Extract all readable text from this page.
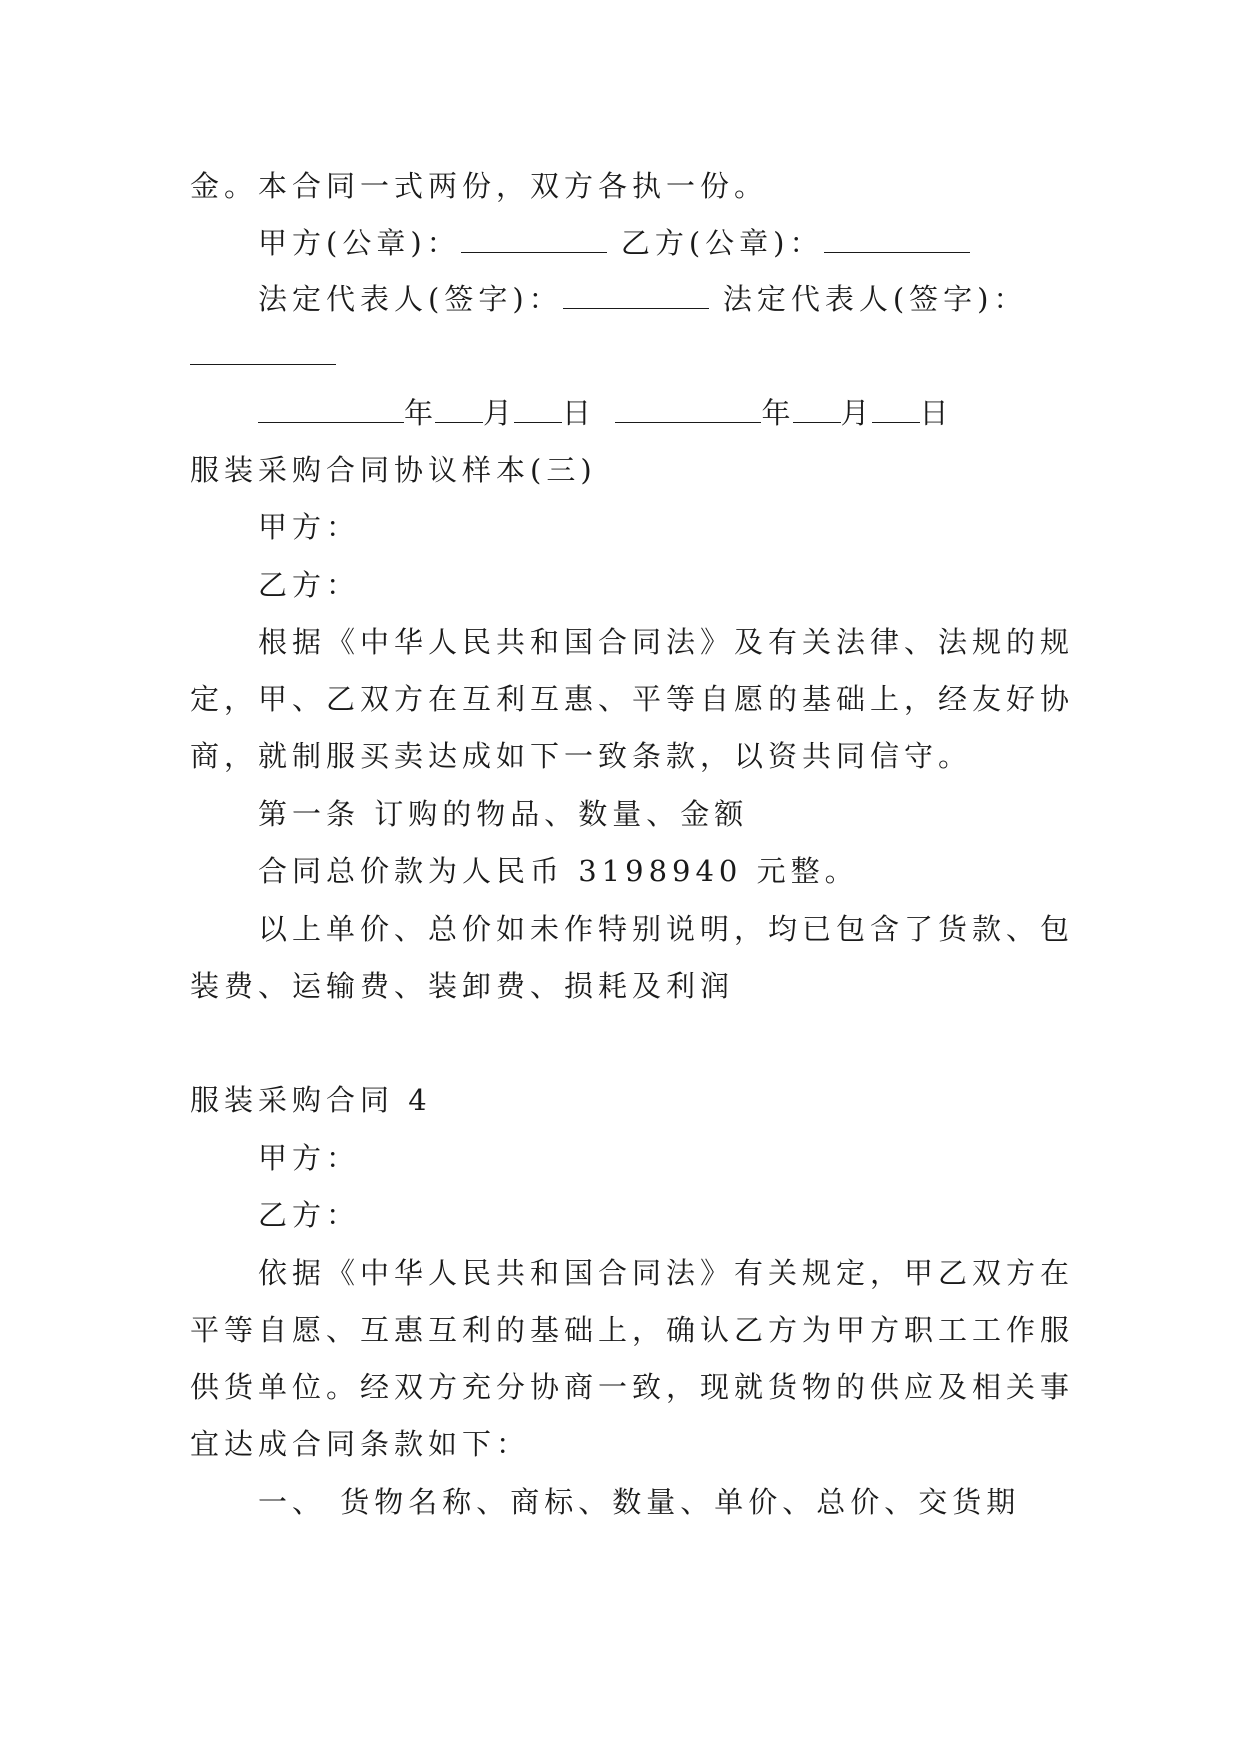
金。本合同一式两份，双方各执一份。
甲方(公章)：	乙方(公章)：
法定代表人(签字)：	法定代表人(签字)：
年 月 日	年 月 日
服装采购合同协议样本(三)
甲方：
乙方：
根据《中华人民共和国合同法》及有关法律、法规的规
定，甲、乙双方在互利互惠、平等自愿的基础上，经友好协
商，就制服买卖达成如下一致条款，以资共同信守。
第一条 订购的物品、数量、金额
合同总价款为人民币 3198940 元整。
以上单价、总价如未作特别说明，均已包含了货款、包
装费、运输费、装卸费、损耗及利润
服装采购合同 4
甲方：
乙方：
依据《中华人民共和国合同法》有关规定，甲乙双方在
平等自愿、互惠互利的基础上，确认乙方为甲方职工工作服
供货单位。经双方充分协商一致，现就货物的供应及相关事
宜达成合同条款如下：
一、 货物名称、商标、数量、单价、总价、交货期
